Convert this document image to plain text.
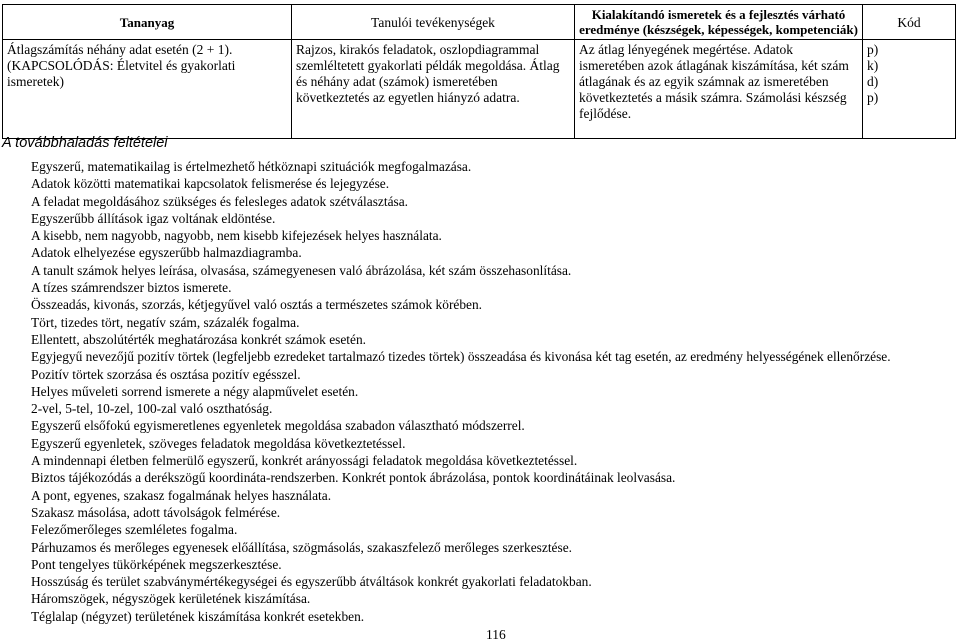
Tananyag	Tanulói tevékenységek	Kialakítandó ismeretek és a fejlesztés várható eredménye (készségek, képességek, kompetenciák)	Kód

Átlagszámítás néhány adat esetén (2 + 1). (KAPCSOLÓDÁS: Életvitel és gyakorlati ismeretek)	Rajzos, kirakós feladatok, oszlopdiagrammal szemléltetett gyakorlati példák megoldása. Átlag és néhány adat (számok) ismeretében következtetés az egyetlen hiányzó adatra.	Az átlag lényegének megértése. Adatok ismeretében azok átlagának kiszámítása, két szám átlagának és az egyik számnak az ismeretében következtetés a másik számra. Számolási készség fejlődése.	p)
k)
d)
p)
A továbbhaladás feltételei
Egyszerű, matematikailag is értelmezhető hétköznapi szituációk megfogalmazása.
Adatok közötti matematikai kapcsolatok felismerése és lejegyzése.
A feladat megoldásához szükséges és felesleges adatok szétválasztása.
Egyszerűbb állítások igaz voltának eldöntése.
A kisebb, nem nagyobb, nagyobb, nem kisebb kifejezések helyes használata.
Adatok elhelyezése egyszerűbb halmazdiagramba.
A tanult számok helyes leírása, olvasása, számegyenesen való ábrázolása, két szám összehasonlítása.
A tízes számrendszer biztos ismerete.
Összeadás, kivonás, szorzás, kétjegyűvel való osztás a természetes számok körében.
Tört, tizedes tört, negatív szám, százalék fogalma.
Ellentett, abszolútérték meghatározása konkrét számok esetén.
Egyjegyű nevezőjű pozitív törtek (legfeljebb ezredeket tartalmazó tizedes törtek) összeadása és kivonása két tag esetén, az eredmény helyességének ellenőrzése.
Pozitív törtek szorzása és osztása pozitív egésszel.
Helyes műveleti sorrend ismerete a négy alapművelet esetén.
2-vel, 5-tel, 10-zel, 100-zal való oszthatóság.
Egyszerű elsőfokú egyismeretlenes egyenletek megoldása szabadon választható módszerrel.
Egyszerű egyenletek, szöveges feladatok megoldása következtetéssel.
A mindennapi életben felmerülő egyszerű, konkrét arányossági feladatok megoldása következtetéssel.
Biztos tájékozódás a derékszögű koordináta-rendszerben. Konkrét pontok ábrázolása, pontok koordinátáinak leolvasása.
A pont, egyenes, szakasz fogalmának helyes használata.
Szakasz másolása, adott távolságok felmérése.
Felezőmerőleges szemléletes fogalma.
Párhuzamos és merőleges egyenesek előállítása, szögmásolás, szakaszfelező merőleges szerkesztése.
Pont tengelyes tükörképének megszerkesztése.
Hosszúság és terület szabványmértékegységei és egyszerűbb átváltások konkrét gyakorlati feladatokban.
Háromszögek, négyszögek kerületének kiszámítása.
Téglalap (négyzet) területének kiszámítása konkrét esetekben.
116
